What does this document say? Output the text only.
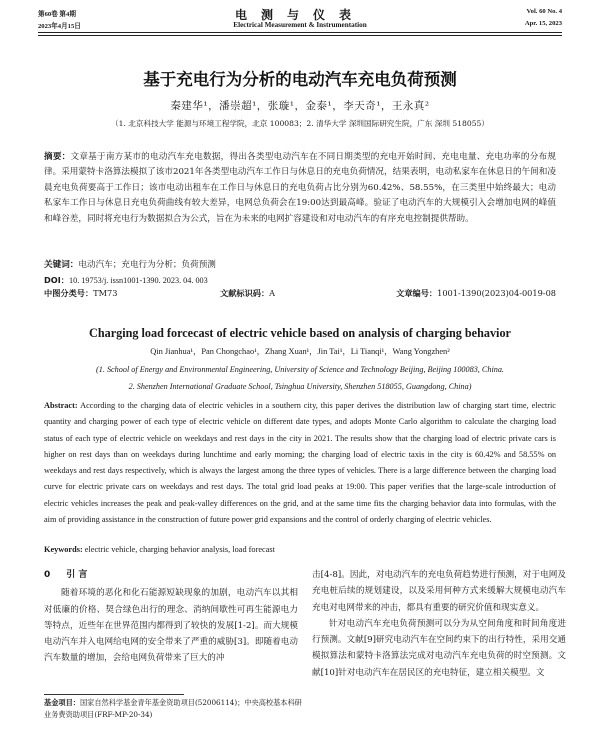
第60卷 第4期
2023年4月15日
电测与仪表
Electrical Measurement & Instrumentation
Vol. 60 No. 4
Apr. 15, 2023
基于充电行为分析的电动汽车充电负荷预测
秦建华¹，潘崇超¹，张璇¹，金泰¹，李天奇¹，王永真²
（1. 北京科技大学 能源与环境工程学院，北京 100083；2. 清华大学 深圳国际研究生院，广东 深圳 518055）

摘要：文章基于南方某市的电动汽车充电数据，得出各类型电动汽车在不同日期类型的充电开始时间、充电电量、充电功率的分布规律。采用蒙特卡洛算法模拟了该市2021年各类型电动汽车工作日与休息日的充电负荷情况，结果表明，电动私家车在休息日的午间和凌晨充电负荷要高于工作日；该市电动出租车在工作日与休息日的充电负荷占比分别为60.42%、58.55%，在三类里中始终最大；电动私家车工作日与休息日充电负荷曲线有较大差异，电网总负荷会在19:00达到最高峰。验证了电动汽车的大规模引入会增加电网的峰值和峰谷差，同时将充电行为数据拟合为公式，旨在为未来的电网扩容建设和对电动汽车的有序充电控制提供帮助。

关键词：电动汽车；充电行为分析；负荷预测

DOI：10. 19753/j. issn1001-1390. 2023. 04. 003

中图分类号：TM73	文献标识码：A	文章编号：1001-1390(2023)04-0019-08
Charging load forcecast of electric vehicle based on analysis of charging behavior
Qin Jianhua¹，Pan Chongchao¹，Zhang Xuan¹，Jin Tai¹，Li Tianqi¹，Wang Yongzhen²
(1. School of Energy and Environmental Engineering, University of Science and Technology Beijing, Beijing 100083, China.
2. Shenzhen International Graduate School, Tsinghua University, Shenzhen 518055, Guangdong, China)

Abstract: According to the charging data of electric vehicles in a southern city, this paper derives the distribution law of charging start time, electric quantity and charging power of each type of electric vehicle on different date types, and adopts Monte Carlo algorithm to calculate the charging load status of each type of electric vehicle on weekdays and rest days in the city in 2021. The results show that the charging load of electric private cars is higher on rest days than on weekdays during lunchtime and early morning; the charging load of electric taxis in the city is 60.42% and 58.55% on weekdays and rest days respectively, which is always the largest among the three types of vehicles. There is a large difference between the charging load curve for electric private cars on weekdays and rest days. The total grid load peaks at 19:00. This paper verifies that the large-scale introduction of electric vehicles increases the peak and peak-valley differences on the grid, and at the same time fits the charging behavior data into formulas, with the aim of providing assistance in the construction of future power grid expansions and the control of orderly charging of electric vehicles.

Keywords: electric vehicle, charging behavior analysis, load forecast

0 引 言

随着环境的恶化和化石能源短缺现象的加剧，电动汽车以其相对低廉的价格、契合绿色出行的理念、消纳间歇性可再生能源电力等特点，近些年在世界范围内都得到了较快的发展[1-2]。而大规模电动汽车并入电网给电网的安全带来了严重的威胁[3]。即随着电动汽车数量的增加，会给电网负荷带来了巨大的冲

击[4-8]。因此，对电动汽车的充电负荷趋势进行预测，对于电网及充电桩后续的规划建设，以及采用何种方式来缓解大规模电动汽车充电对电网带来的冲击，都具有重要的研究价值和现实意义。

针对电动汽车充电负荷预测可以分为从空间角度和时间角度进行预测。文献[9]研究电动汽车在空间约束下的出行特性，采用交通模拟算法和蒙特卡洛算法完成对电动汽车充电负荷的时空预测。文献[10]针对电动汽车在居民区的充电特征，建立相关模型。文

基金项目：国家自然科学基金青年基金资助项目(52006114)；中央高校基本科研业务费资助项目(FRF-MP-20-34)
